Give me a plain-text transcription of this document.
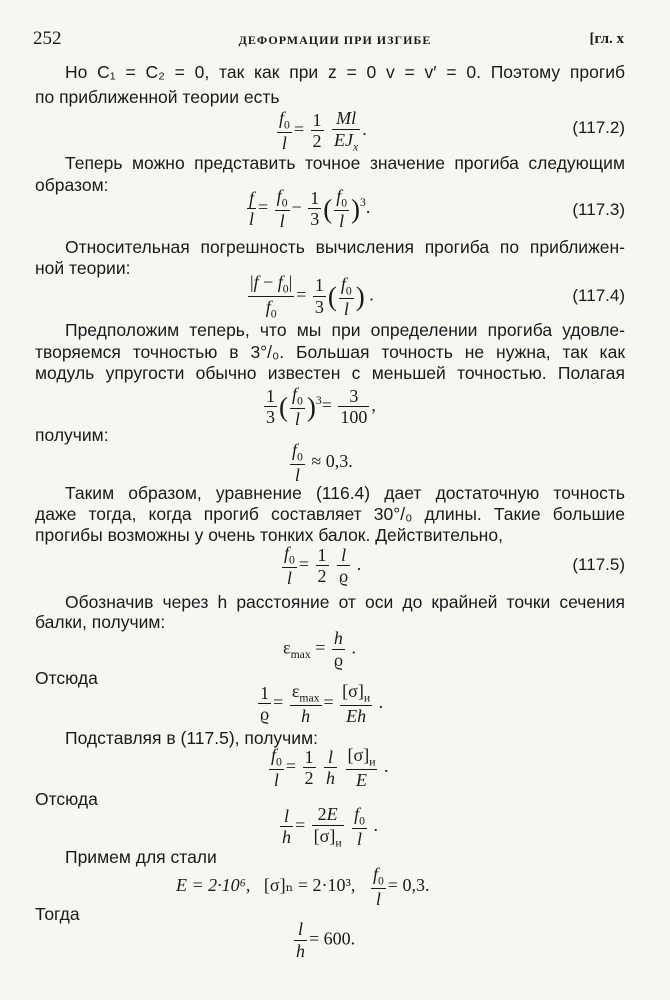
252	ДЕФОРМАЦИИ ПРИ ИЗГИБЕ	[гл. x
Но C₁ = C₂ = 0, так как при z = 0 v = v′ = 0. Поэтому прогиб
по приближенной теории есть
$\frac{f_0}{l} = \frac{1}{2}$
$\frac{Ml}{EJ_x}$ .	(117.2)
Теперь можно представить точное значение прогиба следующим
образом:
$\frac{f}{l} = \frac{f_0}{l} - \frac{1}{3}$ ( $\frac{f_0}{l} )^3$.	(117.3)
Относительная погрешность вычисления прогиба по приближен-
ной теории:
$\frac{|f - f_0|}{f_0} = \frac{1}{3}$ ( $\frac{f_0}{l}$ ) .	(117.4)
Предположим теперь, что мы при определении прогиба удовле-
творяемся точностью в 3°/₀. Большая точность не нужна, так как
модуль упругости обычно известен с меньшей точностью. Полагая
$\frac{1}{3}$ ( $\frac{f_0}{l} )^3= \frac{3}{100}$ ,
получим:
$\frac{f_0}{l} \approx 0,3$.
Таким образом, уравнение (116.4) дает достаточную точность
даже тогда, когда прогиб составляет 30°/₀ длины. Такие большие
прогибы возможны у очень тонких балок. Действительно,
$\frac{f_0}{l} = \frac{1}{2}$
$\frac{l}{ϱ}$ .	(117.5)
Обозначив через h расстояние от оси до крайней точки сечения
балки, получим:
$\varepsilon_{max} = \frac{h}{ϱ}$ .
Отсюда
$\frac{1}{ϱ} = \frac{\varepsilon_{max}}{h} = \frac{[\sigma]_и}{Eh}$ .
Подставляя в (117.5), получим:
$\frac{f_0}{l} = \frac{1}{2}$
$\frac{l}{h}$
$\frac{[\sigma]_и}{E}$ .
Отсюда
$\frac{l}{h} = \frac{2E}{[\sigma]_и}$
$\frac{f_0}{l}$ .
Примем для стали
E = 2·10⁶, [σ]ₙ = 2·10³, $\frac{f_0}{l} = 0,3$.
Тогда
$\frac{l}{h} = 600$.
